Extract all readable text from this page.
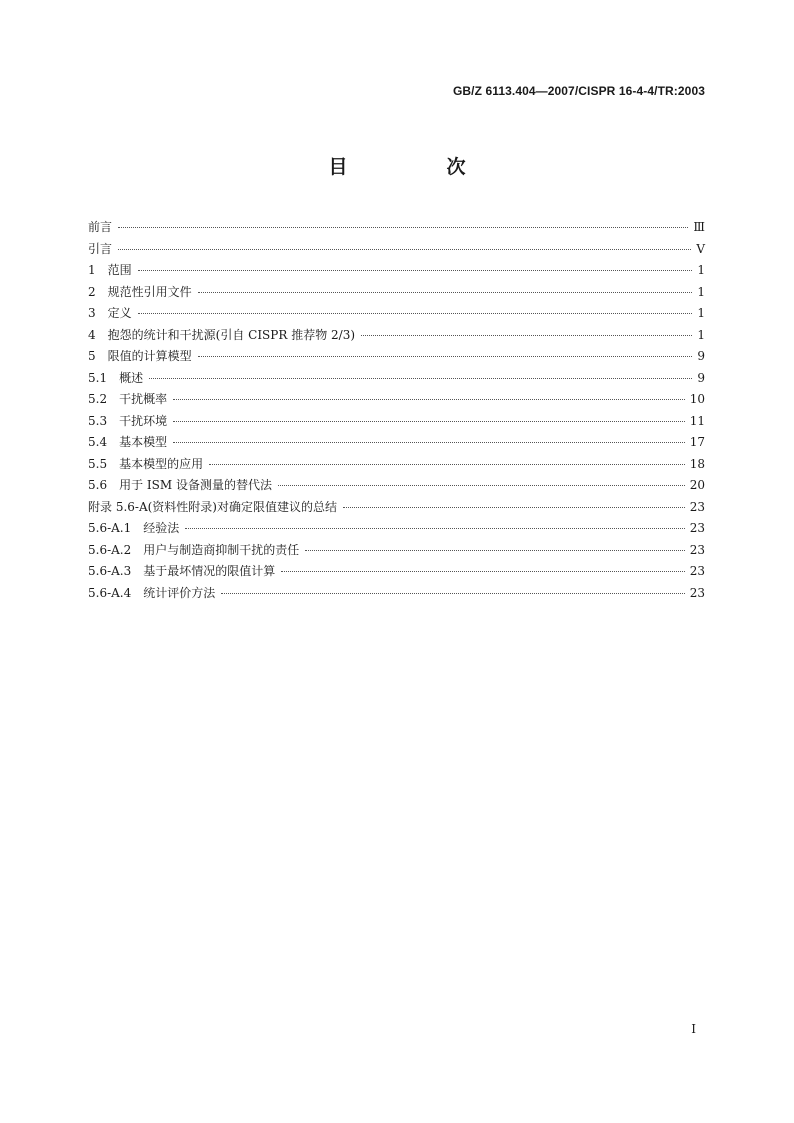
GB/Z 6113.404—2007/CISPR 16-4-4/TR:2003
目　次
前言	Ⅲ
引言	Ⅴ
1　范围	1
2　规范性引用文件	1
3　定义	1
4　抱怨的统计和干扰源(引自 CISPR 推荐物 2/3)	1
5　限值的计算模型	9
5.1　概述	9
5.2　干扰概率	10
5.3　干扰环境	11
5.4　基本模型	17
5.5　基本模型的应用	18
5.6　用于 ISM 设备测量的替代法	20
附录 5.6-A(资料性附录)对确定限值建议的总结	23
5.6-A.1　经验法	23
5.6-A.2　用户与制造商抑制干扰的责任	23
5.6-A.3　基于最坏情况的限值计算	23
5.6-A.4　统计评价方法	23
I
